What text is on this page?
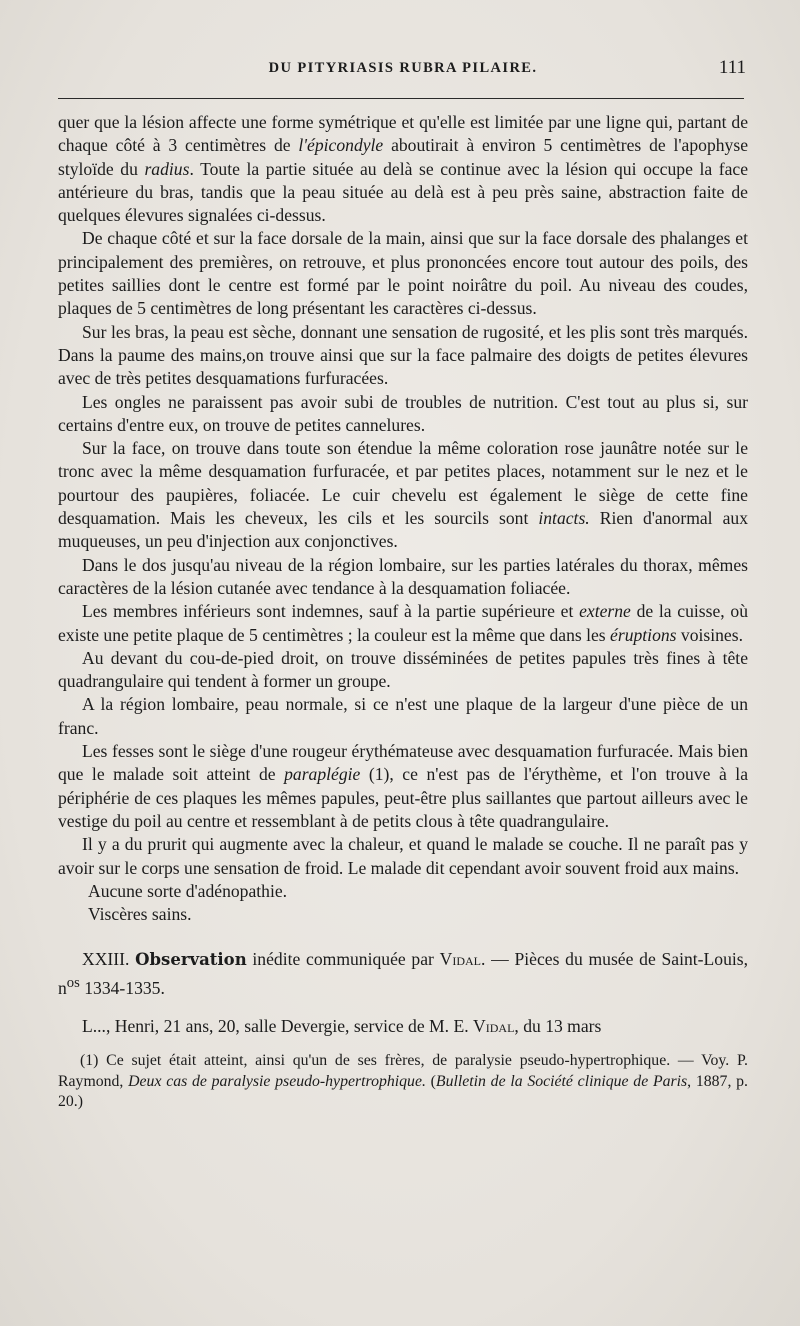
DU PITYRIASIS RUBRA PILAIRE.	111

quer que la lésion affecte une forme symétrique et qu'elle est limitée par une ligne qui, partant de chaque côté à 3 centimètres de l'épicondyle aboutirait à environ 5 centimètres de l'apophyse styloïde du radius. Toute la partie située au delà se continue avec la lésion qui occupe la face antérieure du bras, tandis que la peau située au delà est à peu près saine, abstraction faite de quelques élevures signalées ci-dessus.

De chaque côté et sur la face dorsale de la main, ainsi que sur la face dorsale des phalanges et principalement des premières, on retrouve, et plus prononcées encore tout autour des poils, des petites saillies dont le centre est formé par le point noirâtre du poil. Au niveau des coudes, plaques de 5 centimètres de long présentant les caractères ci-dessus.

Sur les bras, la peau est sèche, donnant une sensation de rugosité, et les plis sont très marqués. Dans la paume des mains,on trouve ainsi que sur la face palmaire des doigts de petites élevures avec de très petites desquamations furfuracées.

Les ongles ne paraissent pas avoir subi de troubles de nutrition. C'est tout au plus si, sur certains d'entre eux, on trouve de petites cannelures.

Sur la face, on trouve dans toute son étendue la même coloration rose jaunâtre notée sur le tronc avec la même desquamation furfuracée, et par petites places, notamment sur le nez et le pourtour des paupières, foliacée. Le cuir chevelu est également le siège de cette fine desquamation. Mais les cheveux, les cils et les sourcils sont intacts. Rien d'anormal aux muqueuses, un peu d'injection aux conjonctives.

Dans le dos jusqu'au niveau de la région lombaire, sur les parties latérales du thorax, mêmes caractères de la lésion cutanée avec tendance à la desquamation foliacée.

Les membres inférieurs sont indemnes, sauf à la partie supérieure et externe de la cuisse, où existe une petite plaque de 5 centimètres ; la couleur est la même que dans les éruptions voisines.

Au devant du cou-de-pied droit, on trouve disséminées de petites papules très fines à tête quadrangulaire qui tendent à former un groupe.

A la région lombaire, peau normale, si ce n'est une plaque de la largeur d'une pièce de un franc.

Les fesses sont le siège d'une rougeur érythémateuse avec desquamation furfuracée. Mais bien que le malade soit atteint de paraplégie (1), ce n'est pas de l'érythème, et l'on trouve à la périphérie de ces plaques les mêmes papules, peut-être plus saillantes que partout ailleurs avec le vestige du poil au centre et ressemblant à de petits clous à tête quadrangulaire.

Il y a du prurit qui augmente avec la chaleur, et quand le malade se couche. Il ne paraît pas y avoir sur le corps une sensation de froid. Le malade dit cependant avoir souvent froid aux mains.

Aucune sorte d'adénopathie.

Viscères sains.

XXIII. Observation inédite communiquée par Vidal. — Pièces du musée de Saint-Louis, $n^{os}$ 1334-1335.

L..., Henri, 21 ans, 20, salle Devergie, service de M. E. Vidal, du 13 mars

(1) Ce sujet était atteint, ainsi qu'un de ses frères, de paralysie pseudo-hypertrophique. — Voy. P. Raymond, Deux cas de paralysie pseudo-hypertrophique. (Bulletin de la Société clinique de Paris, 1887, p. 20.)
